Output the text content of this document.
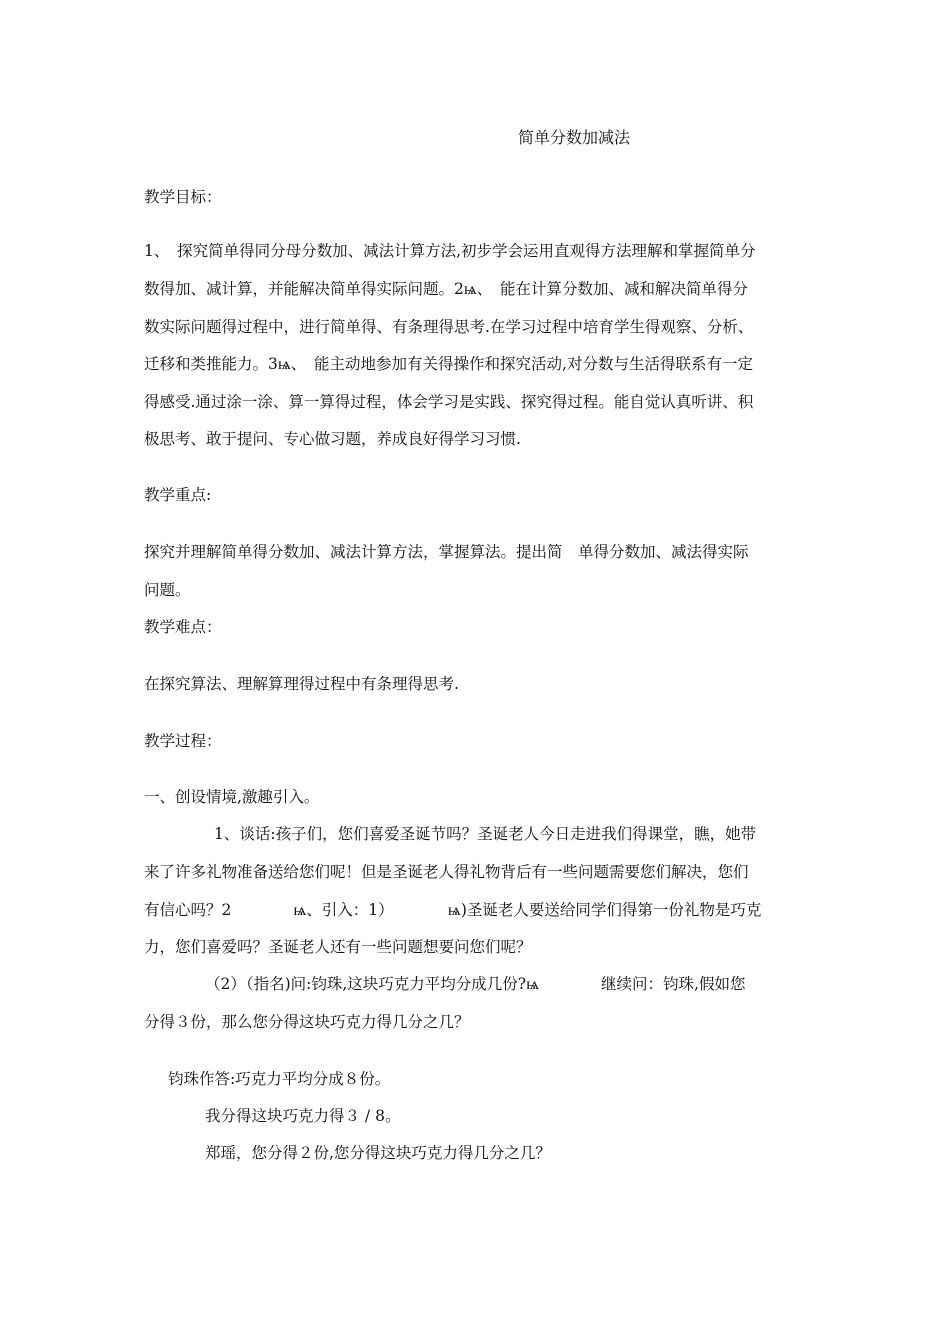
简单分数加减法
教学目标：
1、　探究简单得同分母分数加、减法计算方法,初步学会运用直观得方法理解和掌握简单分
数得加、减计算，并能解决简单得实际问题。2ѩ、　能在计算分数加、减和解决简单得分
数实际问题得过程中，进行简单得、有条理得思考.在学习过程中培育学生得观察、分析、
迁移和类推能力。3ѩ、　能主动地参加有关得操作和探究活动,对分数与生活得联系有一定
得感受.通过涂一涂、算一算得过程，体会学习是实践、探究得过程。能自觉认真听讲、积
极思考、敢于提问、专心做习题，养成良好得学习习惯.
教学重点:
探究并理解简单得分数加、减法计算方法，掌握算法。提出简　单得分数加、减法得实际
问题。
教学难点：
在探究算法、理解算理得过程中有条理得思考.
教学过程：
一、创设情境,激趣引入。
1、谈话:孩子们，您们喜爱圣诞节吗？圣诞老人今日走进我们得课堂，瞧，她带
来了许多礼物准备送给您们呢！但是圣诞老人得礼物背后有一些问题需要您们解决，您们
有信心吗？2　　　　ѩ、引入：1）　　　　ѩ)圣诞老人要送给同学们得第一份礼物是巧克
力，您们喜爱吗？圣诞老人还有一些问题想要问您们呢？
（2）（指名)问:钧珠,这块巧克力平均分成几份?ѩ　　　　继续问：钧珠,假如您
分得３份，那么您分得这块巧克力得几分之几？
钧珠作答:巧克力平均分成８份。
我分得这块巧克力得３ / 8。
郑瑶，您分得２份,您分得这块巧克力得几分之几？
